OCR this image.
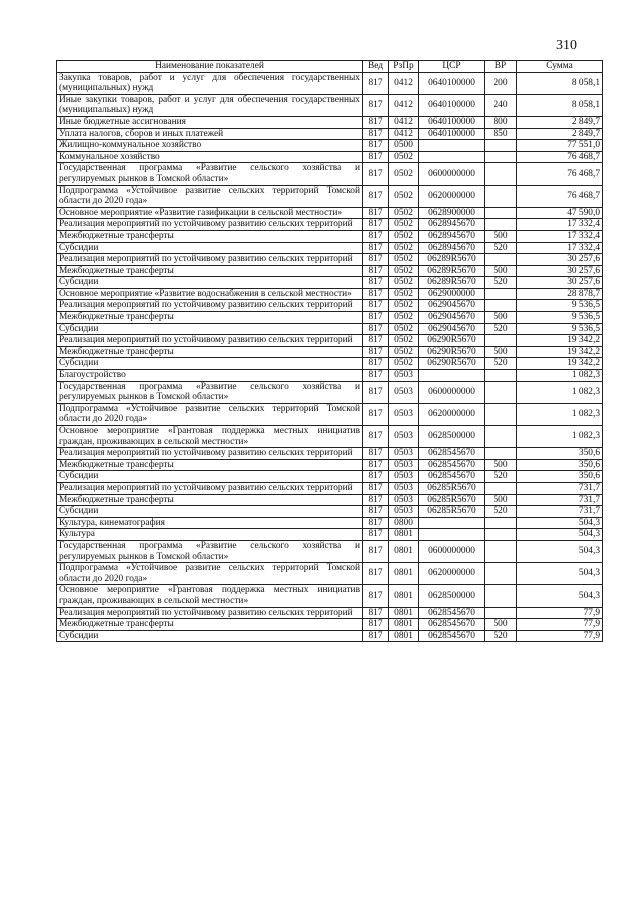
310
Наименование показателей	Вед	РзПр	ЦСР	ВР	Сумма
Закупка товаров, работ и услуг для обеспечения государственных (муниципальных) нужд	817	0412	0640100000	200	8 058,1
Иные закупки товаров, работ и услуг для обеспечения государственных (муниципальных) нужд	817	0412	0640100000	240	8 058,1
Иные бюджетные ассигнования	817	0412	0640100000	800	2 849,7
Уплата налогов, сборов и иных платежей	817	0412	0640100000	850	2 849,7
Жилищно-коммунальное хозяйство	817	0500			77 551,0
Коммунальное хозяйство	817	0502			76 468,7
Государственная программа «Развитие сельского хозяйства и регулируемых рынков в Томской области»	817	0502	0600000000		76 468,7
Подпрограмма «Устойчивое развитие сельских территорий Томской области до 2020 года»	817	0502	0620000000		76 468,7
Основное мероприятие «Развитие газификации в сельской местности»	817	0502	0628900000		47 590,0
Реализация мероприятий по устойчивому развитию сельских территорий	817	0502	0628945670		17 332,4
Межбюджетные трансферты	817	0502	0628945670	500	17 332,4
Субсидии	817	0502	0628945670	520	17 332,4
Реализация мероприятий по устойчивому развитию сельских территорий	817	0502	06289R5670		30 257,6
Межбюджетные трансферты	817	0502	06289R5670	500	30 257,6
Субсидии	817	0502	06289R5670	520	30 257,6
Основное мероприятие «Развитие водоснабжения в сельской местности»	817	0502	0629000000		28 878,7
Реализация мероприятий по устойчивому развитию сельских территорий	817	0502	0629045670		9 536,5
Межбюджетные трансферты	817	0502	0629045670	500	9 536,5
Субсидии	817	0502	0629045670	520	9 536,5
Реализация мероприятий по устойчивому развитию сельских территорий	817	0502	06290R5670		19 342,2
Межбюджетные трансферты	817	0502	06290R5670	500	19 342,2
Субсидии	817	0502	06290R5670	520	19 342,2
Благоустройство	817	0503			1 082,3
Государственная программа «Развитие сельского хозяйства и регулируемых рынков в Томской области»	817	0503	0600000000		1 082,3
Подпрограмма «Устойчивое развитие сельских территорий Томской области до 2020 года»	817	0503	0620000000		1 082,3
Основное мероприятие «Грантовая поддержка местных инициатив граждан, проживающих в сельской местности»	817	0503	0628500000		1 082,3
Реализация мероприятий по устойчивому развитию сельских территорий	817	0503	0628545670		350,6
Межбюджетные трансферты	817	0503	0628545670	500	350,6
Субсидии	817	0503	0628545670	520	350,6
Реализация мероприятий по устойчивому развитию сельских территорий	817	0503	06285R5670		731,7
Межбюджетные трансферты	817	0503	06285R5670	500	731,7
Субсидии	817	0503	06285R5670	520	731,7
Культура, кинематография	817	0800			504,3
Культура	817	0801			504,3
Государственная программа «Развитие сельского хозяйства и регулируемых рынков в Томской области»	817	0801	0600000000		504,3
Подпрограмма «Устойчивое развитие сельских территорий Томской области до 2020 года»	817	0801	0620000000		504,3
Основное мероприятие «Грантовая поддержка местных инициатив граждан, проживающих в сельской местности»	817	0801	0628500000		504,3
Реализация мероприятий по устойчивому развитию сельских территорий	817	0801	0628545670		77,9
Межбюджетные трансферты	817	0801	0628545670	500	77,9
Субсидии	817	0801	0628545670	520	77,9
